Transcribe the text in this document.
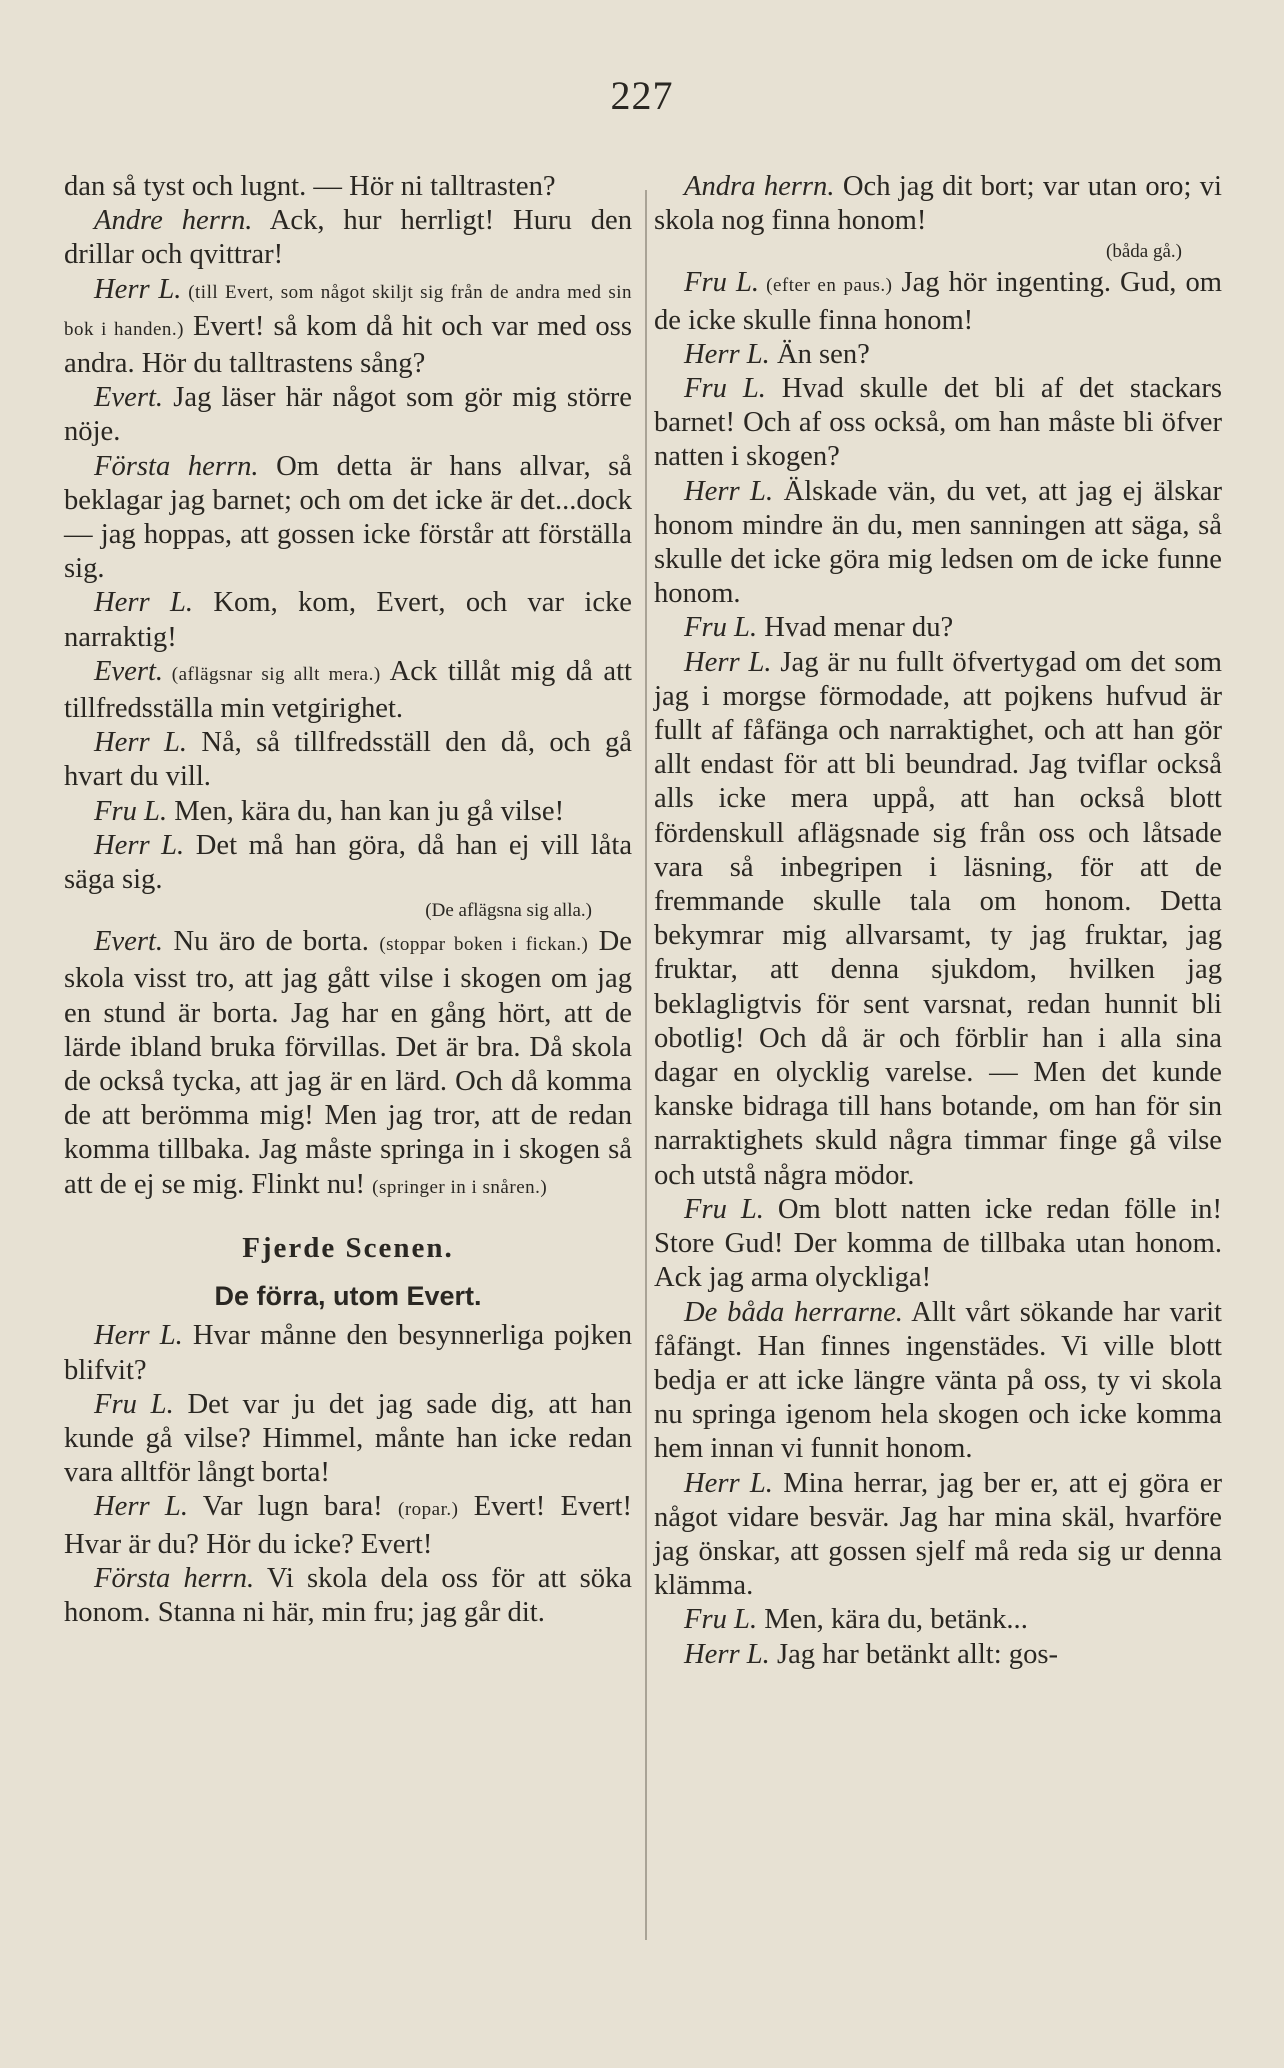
227

dan så tyst och lugnt. — Hör ni talltrasten?

Andre herrn. Ack, hur herrligt! Huru den drillar och qvittrar!

Herr L. (till Evert, som något skiljt sig från de andra med sin bok i handen.) Evert! så kom då hit och var med oss andra. Hör du talltrastens sång?

Evert. Jag läser här något som gör mig större nöje.

Första herrn. Om detta är hans allvar, så beklagar jag barnet; och om det icke är det...dock — jag hoppas, att gossen icke förstår att förställa sig.

Herr L. Kom, kom, Evert, och var icke narraktig!

Evert. (aflägsnar sig allt mera.) Ack tillåt mig då att tillfredsställa min vetgirighet.

Herr L. Nå, så tillfredsställ den då, och gå hvart du vill.

Fru L. Men, kära du, han kan ju gå vilse!

Herr L. Det må han göra, då han ej vill låta säga sig.

(De aflägsna sig alla.)

Evert. Nu äro de borta. (stoppar boken i fickan.) De skola visst tro, att jag gått vilse i skogen om jag en stund är borta. Jag har en gång hört, att de lärde ibland bruka förvillas. Det är bra. Då skola de också tycka, att jag är en lärd. Och då komma de att berömma mig! Men jag tror, att de redan komma tillbaka. Jag måste springa in i skogen så att de ej se mig. Flinkt nu! (springer in i snåren.)

Fjerde Scenen.
De förra, utom Evert.

Herr L. Hvar månne den besynnerliga pojken blifvit?

Fru L. Det var ju det jag sade dig, att han kunde gå vilse? Himmel, månte han icke redan vara alltför långt borta!

Herr L. Var lugn bara! (ropar.) Evert! Evert! Hvar är du? Hör du icke? Evert!

Första herrn. Vi skola dela oss för att söka honom. Stanna ni här, min fru; jag går dit.

Andra herrn. Och jag dit bort; var utan oro; vi skola nog finna honom!

(båda gå.)

Fru L. (efter en paus.) Jag hör ingenting. Gud, om de icke skulle finna honom!

Herr L. Än sen?

Fru L. Hvad skulle det bli af det stackars barnet! Och af oss också, om han måste bli öfver natten i skogen?

Herr L. Älskade vän, du vet, att jag ej älskar honom mindre än du, men sanningen att säga, så skulle det icke göra mig ledsen om de icke funne honom.

Fru L. Hvad menar du?

Herr L. Jag är nu fullt öfvertygad om det som jag i morgse förmodade, att pojkens hufvud är fullt af fåfänga och narraktighet, och att han gör allt endast för att bli beundrad. Jag tviflar också alls icke mera uppå, att han också blott fördenskull aflägsnade sig från oss och låtsade vara så inbegripen i läsning, för att de fremmande skulle tala om honom. Detta bekymrar mig allvarsamt, ty jag fruktar, jag fruktar, att denna sjukdom, hvilken jag beklagligtvis för sent varsnat, redan hunnit bli obotlig! Och då är och förblir han i alla sina dagar en olycklig varelse. — Men det kunde kanske bidraga till hans botande, om han för sin narraktighets skuld några timmar finge gå vilse och utstå några mödor.

Fru L. Om blott natten icke redan fölle in! Store Gud! Der komma de tillbaka utan honom. Ack jag arma olyckliga!

De båda herrarne. Allt vårt sökande har varit fåfängt. Han finnes ingenstädes. Vi ville blott bedja er att icke längre vänta på oss, ty vi skola nu springa igenom hela skogen och icke komma hem innan vi funnit honom.

Herr L. Mina herrar, jag ber er, att ej göra er något vidare besvär. Jag har mina skäl, hvarföre jag önskar, att gossen sjelf må reda sig ur denna klämma.

Fru L. Men, kära du, betänk...

Herr L. Jag har betänkt allt: gos-
